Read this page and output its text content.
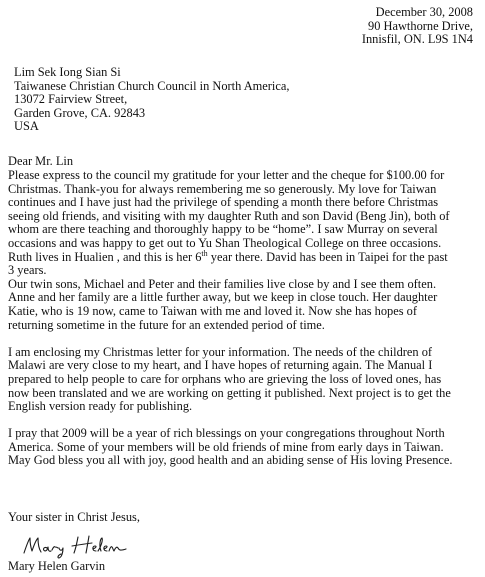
December 30, 2008
90 Hawthorne Drive,
Innisfil, ON. L9S 1N4
Lim Sek Iong Sian Si
Taiwanese Christian Church Council in North America,
13072 Fairview Street,
Garden Grove, CA. 92843
USA
Dear Mr. Lin

Please express to the council my gratitude for your letter and the cheque for $100.00 for
Christmas. Thank-you for always remembering me so generously. My love for Taiwan
continues and I have just had the privilege of spending a month there before Christmas
seeing old friends, and visiting with my daughter Ruth and son David (Beng Jin), both of
whom are there teaching and thoroughly happy to be “home”. I saw Murray on several
occasions and was happy to get out to Yu Shan Theological College on three occasions.
Ruth lives in Hualien , and this is her 6th year there. David has been in Taipei for the past
3 years.

Our twin sons, Michael and Peter and their families live close by and I see them often.
Anne and her family are a little further away, but we keep in close touch. Her daughter
Katie, who is 19 now, came to Taiwan with me and loved it. Now she has hopes of
returning sometime in the future for an extended period of time.

I am enclosing my Christmas letter for your information. The needs of the children of
Malawi are very close to my heart, and I have hopes of returning again. The Manual I
prepared to help people to care for orphans who are grieving the loss of loved ones, has
now been translated and we are working on getting it published. Next project is to get the
English version ready for publishing.

I pray that 2009 will be a year of rich blessings on your congregations throughout North
America. Some of your members will be old friends of mine from early days in Taiwan.
May God bless you all with joy, good health and an abiding sense of His loving Presence.

Your sister in Christ Jesus,
Mary Helen Garvin
